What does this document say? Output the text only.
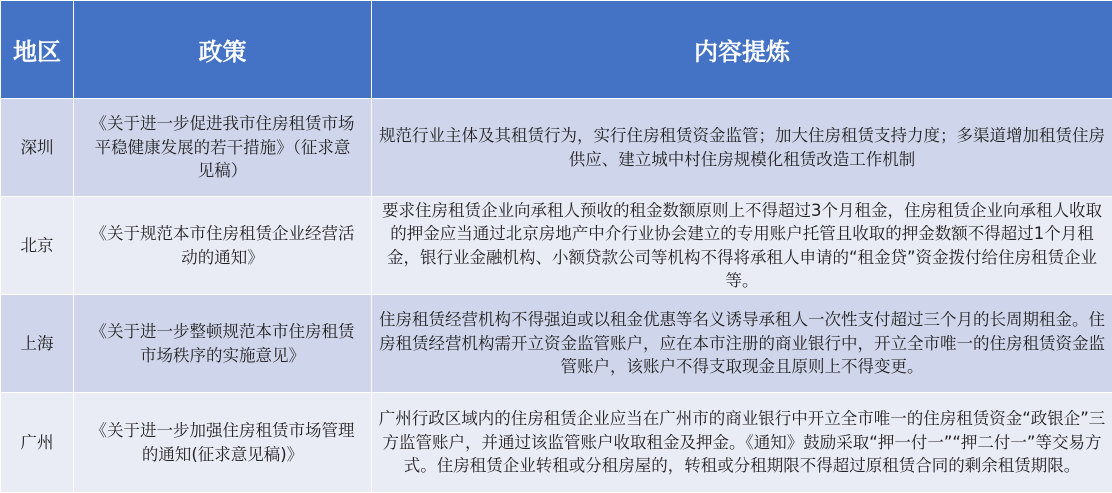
地区	政策	内容提炼
深圳	《关于进一步促进我市住房租赁市场平稳健康发展的若干措施》（征求意见稿）	规范行业主体及其租赁行为，实行住房租赁资金监管；加大住房租赁支持力度；多渠道增加租赁住房供应、建立城中村住房规模化租赁改造工作机制
北京	《关于规范本市住房租赁企业经营活动的通知》	要求住房租赁企业向承租人预收的租金数额原则上不得超过3个月租金，住房租赁企业向承租人收取的押金应当通过北京房地产中介行业协会建立的专用账户托管且收取的押金数额不得超过1个月租金，银行业金融机构、小额贷款公司等机构不得将承租人申请的“租金贷”资金拨付给住房租赁企业等。
上海	《关于进一步整顿规范本市住房租赁市场秩序的实施意见》	住房租赁经营机构不得强迫或以租金优惠等名义诱导承租人一次性支付超过三个月的长周期租金。住房租赁经营机构需开立资金监管账户，应在本市注册的商业银行中，开立全市唯一的住房租赁资金监管账户，该账户不得支取现金且原则上不得变更。
广州	《关于进一步加强住房租赁市场管理的通知(征求意见稿)》	广州行政区域内的住房租赁企业应当在广州市的商业银行中开立全市唯一的住房租赁资金“政银企”三方监管账户，并通过该监管账户收取租金及押金。《通知》鼓励采取“押一付一”“押二付一”等交易方式。住房租赁企业转租或分租房屋的，转租或分租期限不得超过原租赁合同的剩余租赁期限。
